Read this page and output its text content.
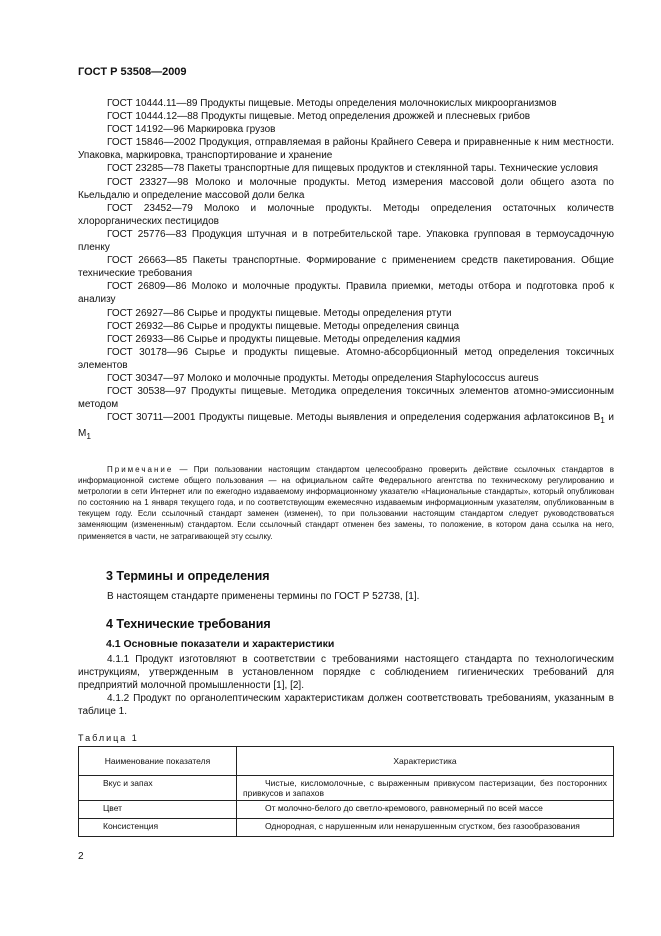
ГОСТ Р 53508—2009

ГОСТ 10444.11—89 Продукты пищевые. Методы определения молочнокислых микроорганизмов

ГОСТ 10444.12—88 Продукты пищевые. Метод определения дрожжей и плесневых грибов

ГОСТ 14192—96 Маркировка грузов

ГОСТ 15846—2002 Продукция, отправляемая в районы Крайнего Севера и приравненные к ним местности. Упаковка, маркировка, транспортирование и хранение

ГОСТ 23285—78 Пакеты транспортные для пищевых продуктов и стеклянной тары. Технические условия

ГОСТ 23327—98 Молоко и молочные продукты. Метод измерения массовой доли общего азота по Кьельдалю и определение массовой доли белка

ГОСТ 23452—79 Молоко и молочные продукты. Методы определения остаточных количеств хлорорганических пестицидов

ГОСТ 25776—83 Продукция штучная и в потребительской таре. Упаковка групповая в термоусадочную пленку

ГОСТ 26663—85 Пакеты транспортные. Формирование с применением средств пакетирования. Общие технические требования

ГОСТ 26809—86 Молоко и молочные продукты. Правила приемки, методы отбора и подготовка проб к анализу

ГОСТ 26927—86 Сырье и продукты пищевые. Методы определения ртути

ГОСТ 26932—86 Сырье и продукты пищевые. Методы определения свинца

ГОСТ 26933—86 Сырье и продукты пищевые. Методы определения кадмия

ГОСТ 30178—96 Сырье и продукты пищевые. Атомно-абсорбционный метод определения токсичных элементов

ГОСТ 30347—97 Молоко и молочные продукты. Методы определения Staphylococcus aureus

ГОСТ 30538—97 Продукты пищевые. Методика определения токсичных элементов атомно-эмиссионным методом

ГОСТ 30711—2001 Продукты пищевые. Методы выявления и определения содержания афлатоксинов $В_1$ и $М_1$

Примечание — При пользовании настоящим стандартом целесообразно проверить действие ссылочных стандартов в информационной системе общего пользования — на официальном сайте Федерального агентства по техническому регулированию и метрологии в сети Интернет или по ежегодно издаваемому информационному указателю «Национальные стандарты», который опубликован по состоянию на 1 января текущего года, и по соответствующим ежемесячно издаваемым информационным указателям, опубликованным в текущем году. Если ссылочный стандарт заменен (изменен), то при пользовании настоящим стандартом следует руководствоваться заменяющим (измененным) стандартом. Если ссылочный стандарт отменен без замены, то положение, в котором дана ссылка на него, применяется в части, не затрагивающей эту ссылку.

3 Термины и определения
В настоящем стандарте применены термины по ГОСТ Р 52738, [1].
4 Технические требования
4.1 Основные показатели и характеристики

4.1.1 Продукт изготовляют в соответствии с требованиями настоящего стандарта по технологическим инструкциям, утвержденным в установленном порядке с соблюдением гигиенических требований для предприятий молочной промышленности [1], [2].

4.1.2 Продукт по органолептическим характеристикам должен соответствовать требованиям, указанным в таблице 1.

Таблица 1
Наименование показателя	Характеристика
Вкус и запах	Чистые, кисломолочные, с выраженным привкусом пастеризации, без посторонних привкусов и запахов
Цвет	От молочно-белого до светло-кремового, равномерный по всей массе
Консистенция	Однородная, с нарушенным или ненарушенным сгустком, без газообразования
2
